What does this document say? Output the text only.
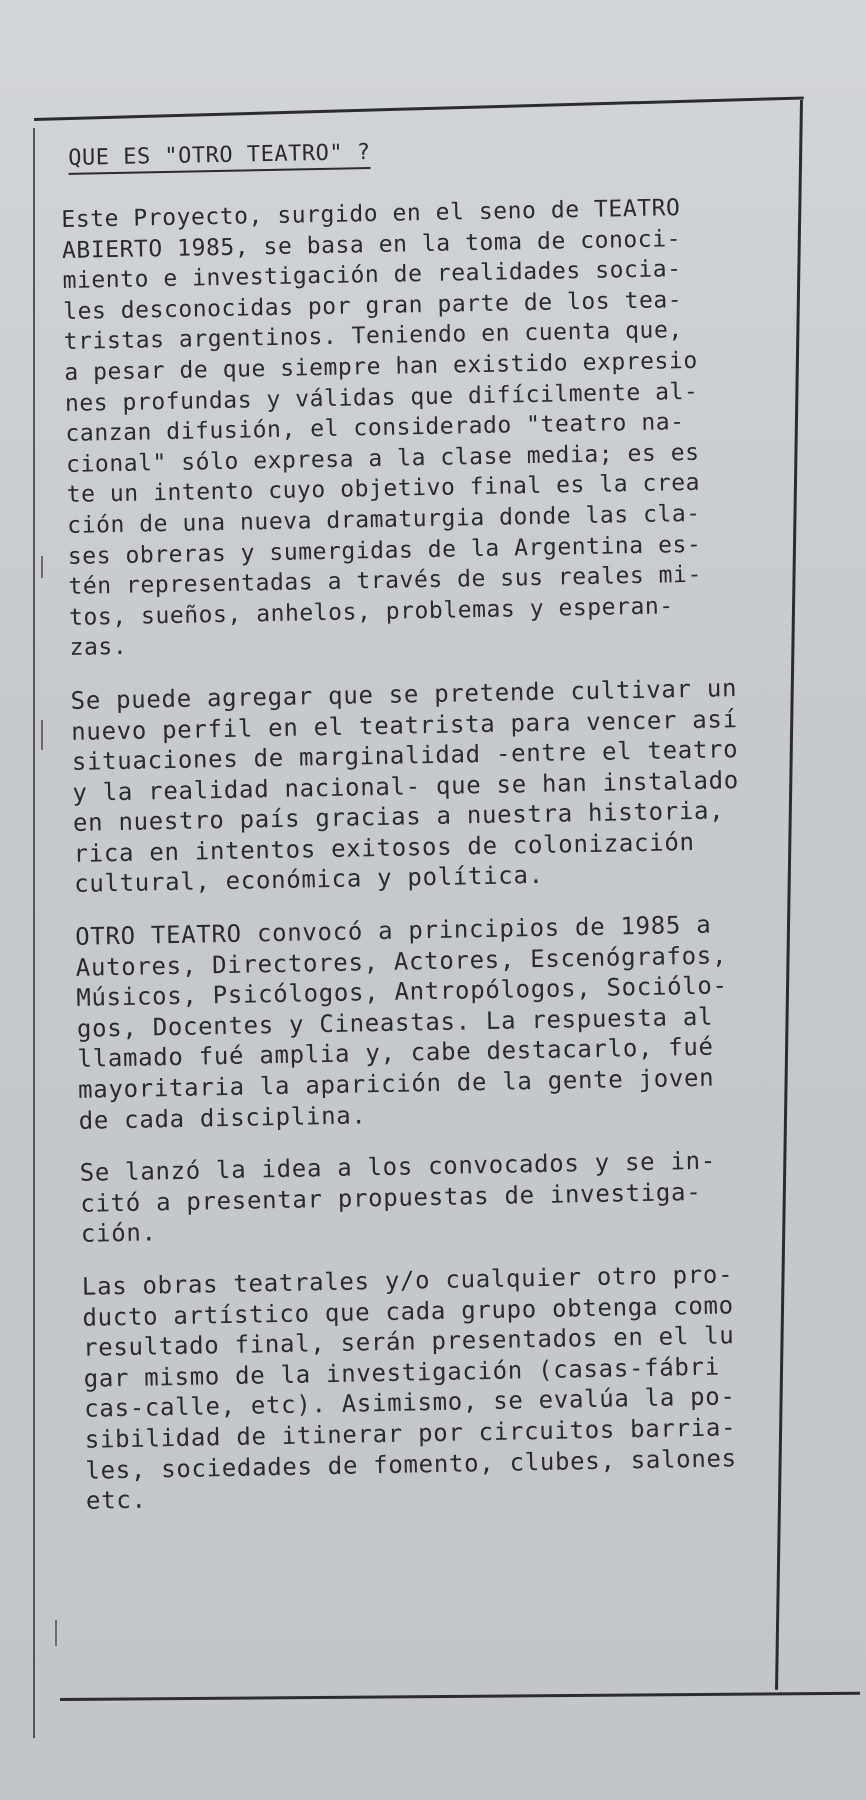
QUE ES "OTRO TEATRO" ?
Este Proyecto, surgido en el seno de TEATRO
ABIERTO 1985, se basa en la toma de conoci-
miento e investigación de realidades socia-
les desconocidas por gran parte de los tea-
tristas argentinos. Teniendo en cuenta que,
a pesar de que siempre han existido expresio
nes profundas y válidas que difícilmente al-
canzan difusión, el considerado "teatro na-
cional" sólo expresa a la clase media; es es
te un intento cuyo objetivo final es la crea
ción de una nueva dramaturgia donde las cla-
ses obreras y sumergidas de la Argentina es-
tén representadas a través de sus reales mi-
tos, sueños, anhelos, problemas y esperan-
zas.
Se puede agregar que se pretende cultivar un
nuevo perfil en el teatrista para vencer así
situaciones de marginalidad -entre el teatro
y la realidad nacional- que se han instalado
en nuestro país gracias a nuestra historia,
rica en intentos exitosos de colonización
cultural, económica y política.
OTRO TEATRO convocó a principios de 1985 a
Autores, Directores, Actores, Escenógrafos,
Músicos, Psicólogos, Antropólogos, Sociólo-
gos, Docentes y Cineastas. La respuesta al
llamado fué amplia y, cabe destacarlo, fué
mayoritaria la aparición de la gente joven
de cada disciplina.
Se lanzó la idea a los convocados y se in-
citó a presentar propuestas de investiga-
ción.
Las obras teatrales y/o cualquier otro pro-
ducto artístico que cada grupo obtenga como
resultado final, serán presentados en el lu
gar mismo de la investigación (casas-fábri
cas-calle, etc). Asimismo, se evalúa la po-
sibilidad de itinerar por circuitos barria-
les, sociedades de fomento, clubes, salones
etc.
